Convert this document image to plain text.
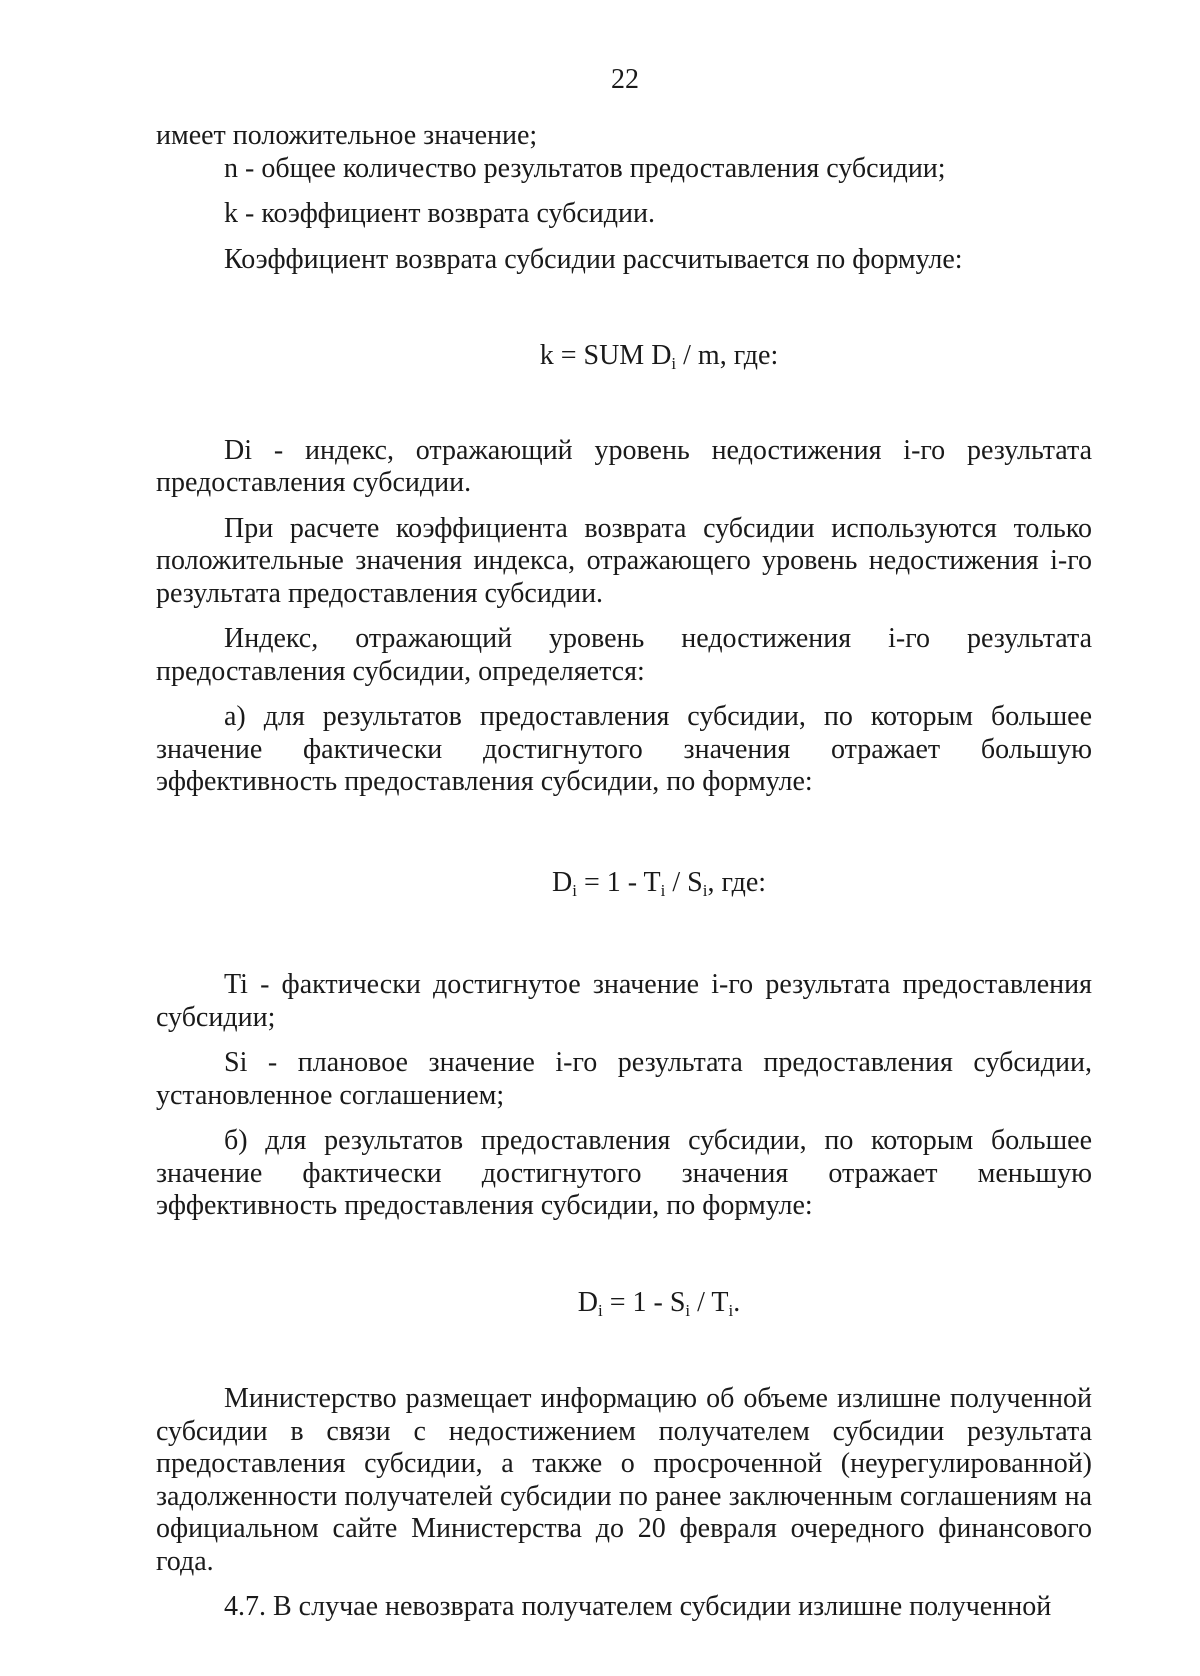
22

имеет положительное значение;

n - общее количество результатов предоставления субсидии;

k - коэффициент возврата субсидии.

Коэффициент возврата субсидии рассчитывается по формуле:

k = SUM $D_i$ / m, где:

Di - индекс, отражающий уровень недостижения i-го результата предоставления субсидии.

При расчете коэффициента возврата субсидии используются только положительные значения индекса, отражающего уровень недостижения i-го результата предоставления субсидии.

Индекс, отражающий уровень недостижения i-го результата предоставления субсидии, определяется:

а) для результатов предоставления субсидии, по которым большее значение фактически достигнутого значения отражает большую эффективность предоставления субсидии, по формуле:

$D_i = 1 - T_i / S_i$, где:

Ti - фактически достигнутое значение i-го результата предоставления субсидии;

Si - плановое значение i-го результата предоставления субсидии, установленное соглашением;

б) для результатов предоставления субсидии, по которым большее значение фактически достигнутого значения отражает меньшую эффективность предоставления субсидии, по формуле:

$D_i = 1 - S_i / T_i$.

Министерство размещает информацию об объеме излишне полученной субсидии в связи с недостижением получателем субсидии результата предоставления субсидии, а также о просроченной (неурегулированной) задолженности получателей субсидии по ранее заключенным соглашениям на официальном сайте Министерства до 20 февраля очередного финансового года.

4.7. В случае невозврата получателем субсидии излишне полученной
